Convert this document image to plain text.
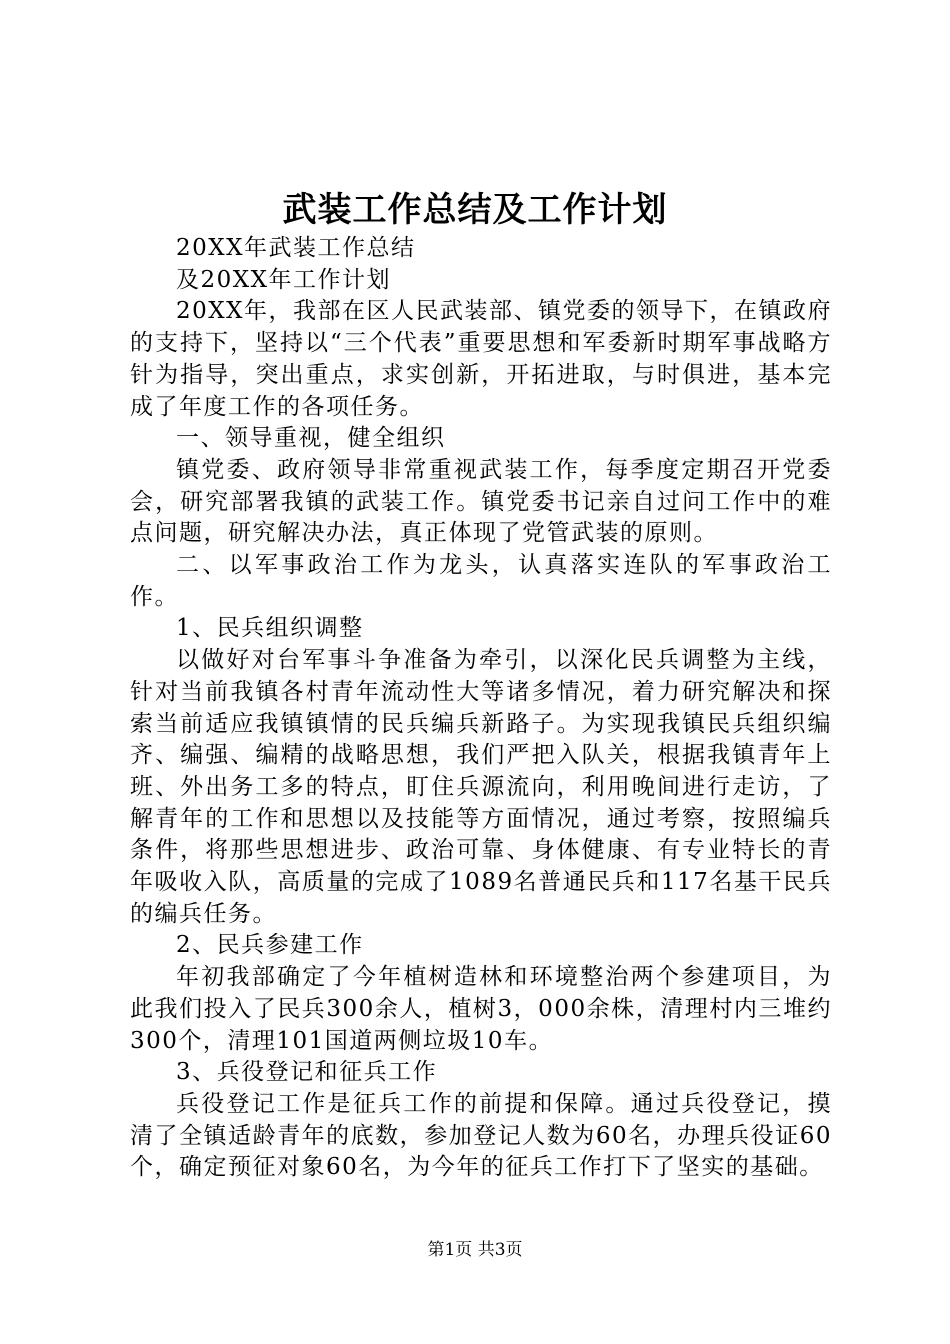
武装工作总结及工作计划

20XX年武装工作总结

及20XX年工作计划

20XX年，我部在区人民武装部、镇党委的领导下，在镇政府的支持下，坚持以“三个代表”重要思想和军委新时期军事战略方针为指导，突出重点，求实创新，开拓进取，与时俱进，基本完成了年度工作的各项任务。

一、领导重视，健全组织

镇党委、政府领导非常重视武装工作，每季度定期召开党委会，研究部署我镇的武装工作。镇党委书记亲自过问工作中的难点问题，研究解决办法，真正体现了党管武装的原则。

二、以军事政治工作为龙头，认真落实连队的军事政治工作。

1、民兵组织调整

以做好对台军事斗争准备为牵引，以深化民兵调整为主线，针对当前我镇各村青年流动性大等诸多情况，着力研究解决和探索当前适应我镇镇情的民兵编兵新路子。为实现我镇民兵组织编齐、编强、编精的战略思想，我们严把入队关，根据我镇青年上班、外出务工多的特点，盯住兵源流向，利用晚间进行走访，了解青年的工作和思想以及技能等方面情况，通过考察，按照编兵条件，将那些思想进步、政治可靠、身体健康、有专业特长的青年吸收入队，高质量的完成了1089名普通民兵和117名基干民兵的编兵任务。

2、民兵参建工作

年初我部确定了今年植树造林和环境整治两个参建项目，为此我们投入了民兵300余人，植树3，000余株，清理村内三堆约300个，清理101国道两侧垃圾10车。

3、兵役登记和征兵工作

兵役登记工作是征兵工作的前提和保障。通过兵役登记，摸清了全镇适龄青年的底数，参加登记人数为60名，办理兵役证60个，确定预征对象60名，为今年的征兵工作打下了坚实的基础。

第1页 共3页
